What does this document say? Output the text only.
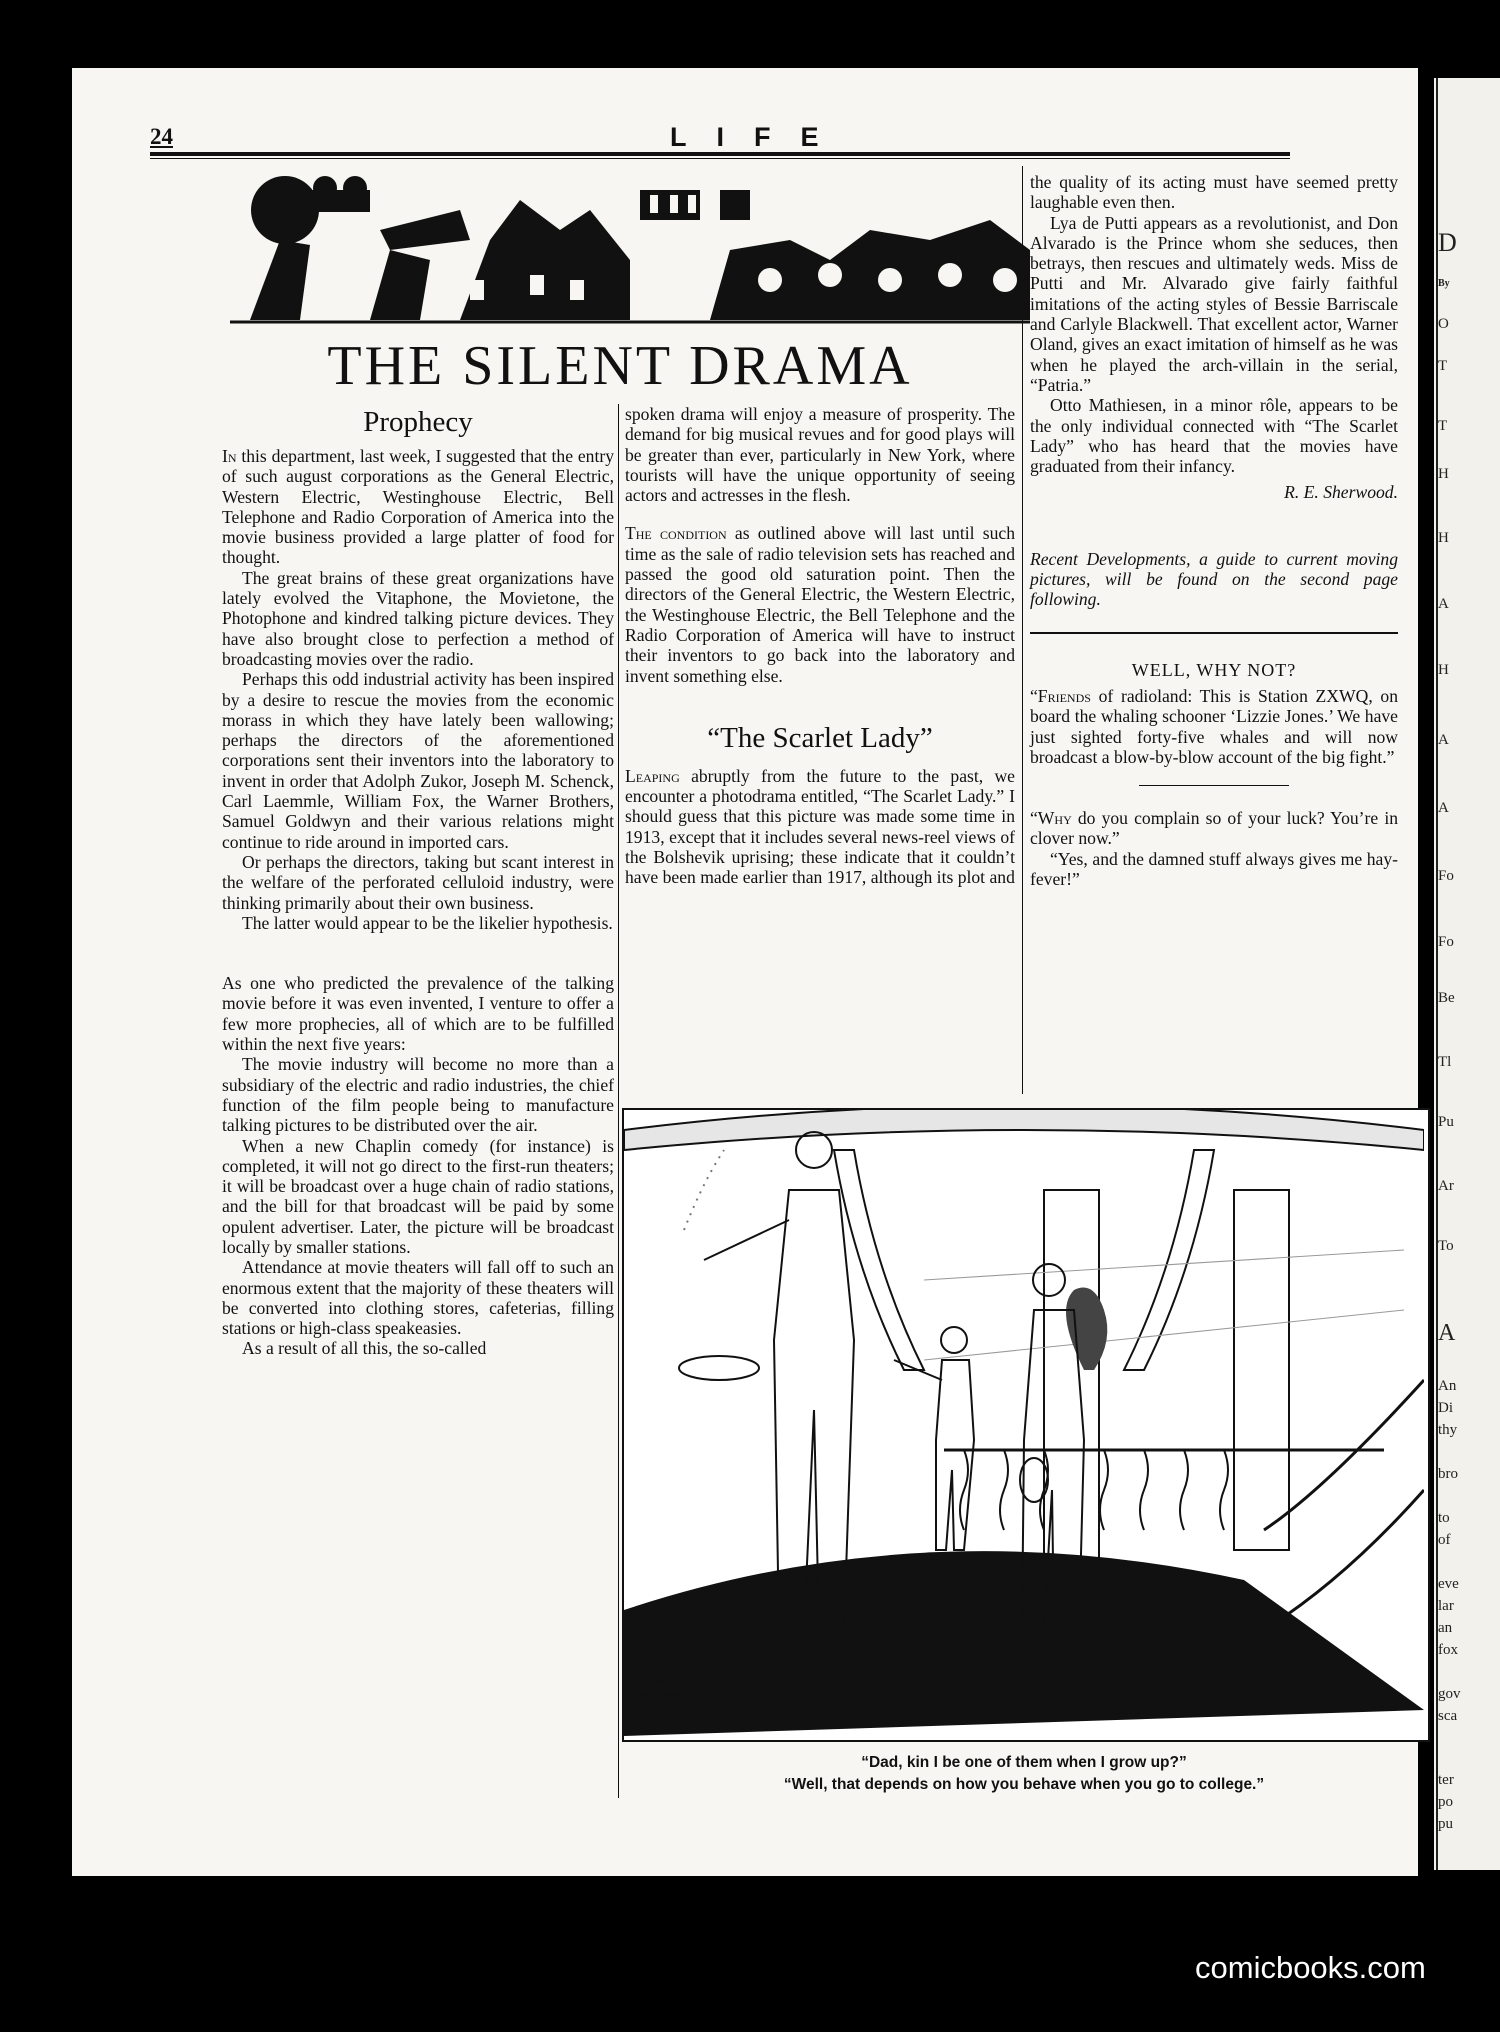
D
By
O
T
T
H
H
A
H
A
A
Fo
Fo
Be
Tl
Pu
Ar
To
A
An
Di
thy
bro
to
of
eve
lar
an
fox
gov
sca
ter
po
pu
24	LIFE
THE SILENT DRAMA
Prophecy

In this department, last week, I suggested that the entry of such august corporations as the General Electric, Western Electric, Westinghouse Electric, Bell Telephone and Radio Corporation of America into the movie business provided a large platter of food for thought.

The great brains of these great organizations have lately evolved the Vitaphone, the Movietone, the Photophone and kindred talking picture devices. They have also brought close to perfection a method of broadcasting movies over the radio.

Perhaps this odd industrial activity has been inspired by a desire to rescue the movies from the economic morass in which they have lately been wallowing; perhaps the directors of the aforementioned corporations sent their inventors into the laboratory to invent in order that Adolph Zukor, Joseph M. Schenck, Carl Laemmle, William Fox, the Warner Brothers, Samuel Goldwyn and their various relations might continue to ride around in imported cars.

Or perhaps the directors, taking but scant interest in the welfare of the perforated celluloid industry, were thinking primarily about their own business.

The latter would appear to be the likelier hypothesis.

As one who predicted the prevalence of the talking movie before it was even invented, I venture to offer a few more prophecies, all of which are to be fulfilled within the next five years:

The movie industry will become no more than a subsidiary of the electric and radio industries, the chief function of the film people being to manufacture talking pictures to be distributed over the air.

When a new Chaplin comedy (for instance) is completed, it will not go direct to the first-run theaters; it will be broadcast over a huge chain of radio stations, and the bill for that broadcast will be paid by some opulent advertiser. Later, the picture will be broadcast locally by smaller stations.

Attendance at movie theaters will fall off to such an enormous extent that the majority of these theaters will be converted into clothing stores, cafeterias, filling stations or high-class speakeasies.

As a result of all this, the so-called

spoken drama will enjoy a measure of prosperity. The demand for big musical revues and for good plays will be greater than ever, particularly in New York, where tourists will have the unique opportunity of seeing actors and actresses in the flesh.

The condition as outlined above will last until such time as the sale of radio television sets has reached and passed the good old saturation point. Then the directors of the General Electric, the Western Electric, the Westinghouse Electric, the Bell Telephone and the Radio Corporation of America will have to instruct their inventors to go back into the laboratory and invent something else.

“The Scarlet Lady”

Leaping abruptly from the future to the past, we encounter a photodrama entitled, “The Scarlet Lady.” I should guess that this picture was made some time in 1913, except that it includes several news-reel views of the Bolshevik uprising; these indicate that it couldn’t have been made earlier than 1917, although its plot and

the quality of its acting must have seemed pretty laughable even then.

Lya de Putti appears as a revolutionist, and Don Alvarado is the Prince whom she seduces, then betrays, then rescues and ultimately weds. Miss de Putti and Mr. Alvarado give fairly faithful imitations of the acting styles of Bessie Barriscale and Carlyle Blackwell. That excellent actor, Warner Oland, gives an exact imitation of himself as he was when he played the arch-villain in the serial, “Patria.”

Otto Mathiesen, in a minor rôle, appears to be the only individual connected with “The Scarlet Lady” who has heard that the movies have graduated from their infancy.

R. E. Sherwood.

Recent Developments, a guide to current moving pictures, will be found on the second page following.

WELL, WHY NOT?

“Friends of radioland: This is Station ZXWQ, on board the whaling schooner ‘Lizzie Jones.’ We have just sighted forty-five whales and will now broadcast a blow-by-blow account of the big fight.”

“Why do you complain so of your luck? You’re in clover now.”

“Yes, and the damned stuff always gives me hay-fever!”

CHUCK
THORNDIKE
“Dad, kin I be one of them when I grow up?”
“Well, that depends on how you behave when you go to college.”
comicbooks.com
